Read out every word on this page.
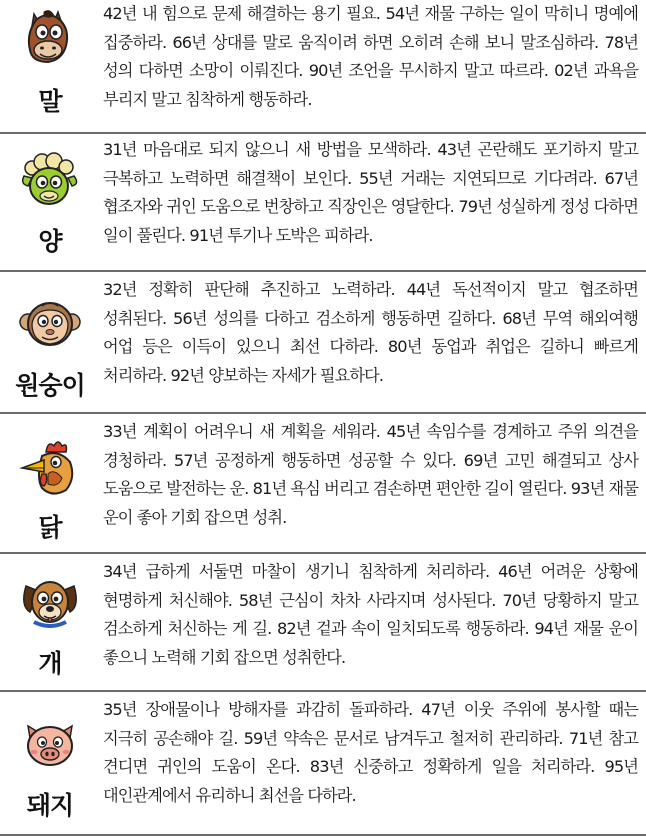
말
42년 내 힘으로 문제 해결하는 용기 필요. 54년 재물 구하는 일이 막히니 명예에 집중하라. 66년 상대를 말로 움직이려 하면 오히려 손해 보니 말조심하라. 78년 성의 다하면 소망이 이뤄진다. 90년 조언을 무시하지 말고 따르라. 02년 과욕을 부리지 말고 침착하게 행동하라.
양
31년 마음대로 되지 않으니 새 방법을 모색하라. 43년 곤란해도 포기하지 말고 극복하고 노력하면 해결책이 보인다. 55년 거래는 지연되므로 기다려라. 67년 협조자와 귀인 도움으로 번창하고 직장인은 영달한다. 79년 성실하게 정성 다하면 일이 풀린다. 91년 투기나 도박은 피하라.
원숭이
32년 정확히 판단해 추진하고 노력하라. 44년 독선적이지 말고 협조하면 성취된다. 56년 성의를 다하고 검소하게 행동하면 길하다. 68년 무역 해외여행 어업 등은 이득이 있으니 최선 다하라. 80년 동업과 취업은 길하니 빠르게 처리하라. 92년 양보하는 자세가 필요하다.
닭
33년 계획이 어려우니 새 계획을 세워라. 45년 속임수를 경계하고 주위 의견을 경청하라. 57년 공정하게 행동하면 성공할 수 있다. 69년 고민 해결되고 상사 도움으로 발전하는 운. 81년 욕심 버리고 겸손하면 편안한 길이 열린다. 93년 재물 운이 좋아 기회 잡으면 성취.
개
34년 급하게 서둘면 마찰이 생기니 침착하게 처리하라. 46년 어려운 상황에 현명하게 처신해야. 58년 근심이 차차 사라지며 성사된다. 70년 당황하지 말고 검소하게 처신하는 게 길. 82년 겉과 속이 일치되도록 행동하라. 94년 재물 운이 좋으니 노력해 기회 잡으면 성취한다.
돼지
35년 장애물이나 방해자를 과감히 돌파하라. 47년 이웃 주위에 봉사할 때는 지극히 공손해야 길. 59년 약속은 문서로 남겨두고 철저히 관리하라. 71년 참고 견디면 귀인의 도움이 온다. 83년 신중하고 정확하게 일을 처리하라. 95년 대인관계에서 유리하니 최선을 다하라.
